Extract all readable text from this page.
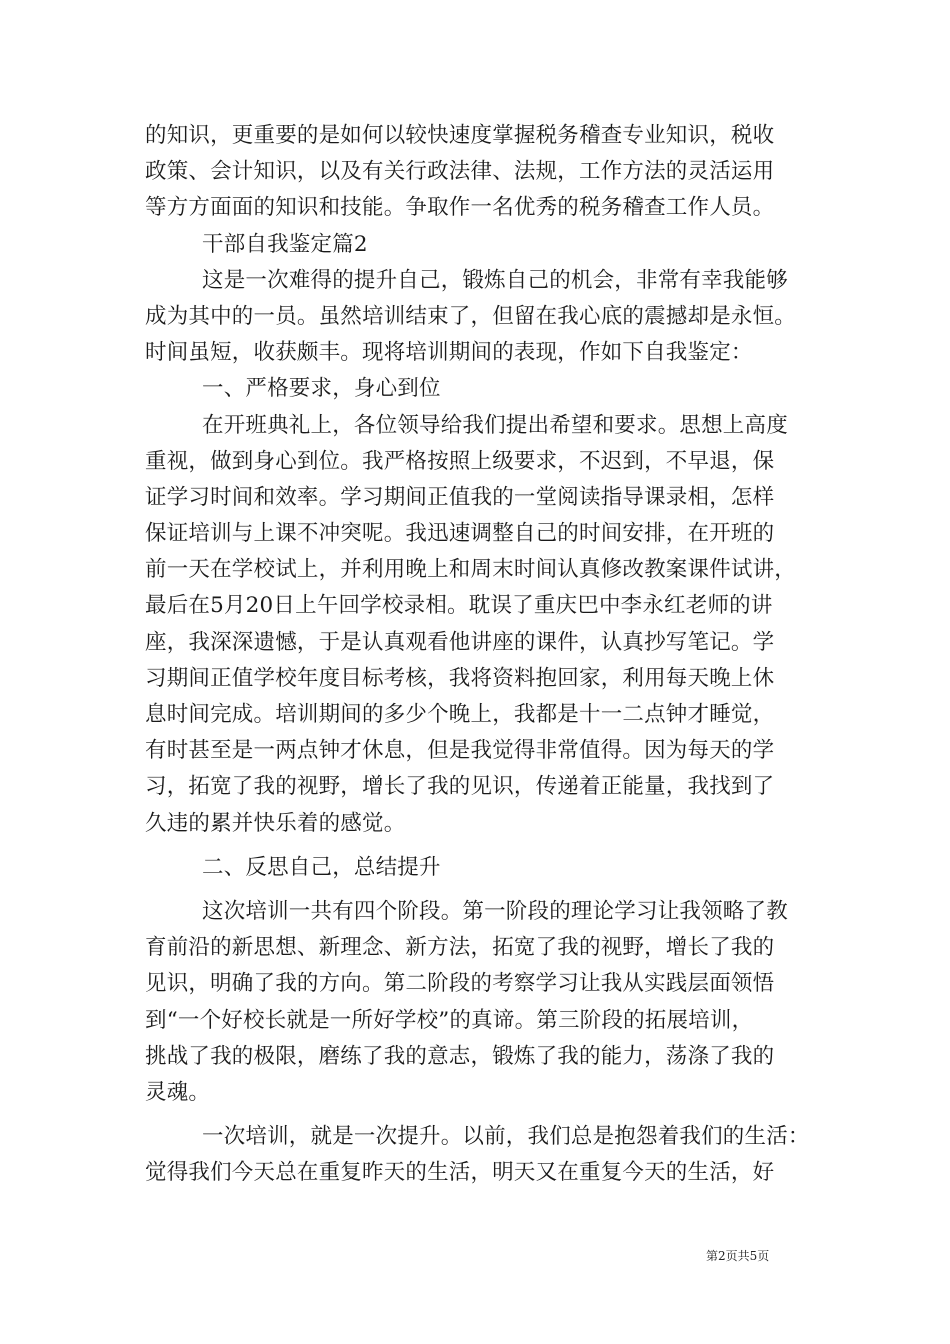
的知识，更重要的是如何以较快速度掌握税务稽查专业知识，税收
政策、会计知识，以及有关行政法律、法规，工作方法的灵活运用
等方方面面的知识和技能。争取作一名优秀的税务稽查工作人员。
干部自我鉴定篇2
这是一次难得的提升自己，锻炼自己的机会，非常有幸我能够
成为其中的一员。虽然培训结束了，但留在我心底的震撼却是永恒。
时间虽短，收获颇丰。现将培训期间的表现，作如下自我鉴定：
一、严格要求，身心到位
在开班典礼上，各位领导给我们提出希望和要求。思想上高度
重视，做到身心到位。我严格按照上级要求，不迟到，不早退，保
证学习时间和效率。学习期间正值我的一堂阅读指导课录相，怎样
保证培训与上课不冲突呢。我迅速调整自己的时间安排，在开班的
前一天在学校试上，并利用晚上和周末时间认真修改教案课件试讲，
最后在5月20日上午回学校录相。耽误了重庆巴中李永红老师的讲
座，我深深遗憾，于是认真观看他讲座的课件，认真抄写笔记。学
习期间正值学校年度目标考核，我将资料抱回家，利用每天晚上休
息时间完成。培训期间的多少个晚上，我都是十一二点钟才睡觉，
有时甚至是一两点钟才休息，但是我觉得非常值得。因为每天的学
习，拓宽了我的视野，增长了我的见识，传递着正能量，我找到了
久违的累并快乐着的感觉。
二、反思自己，总结提升
这次培训一共有四个阶段。第一阶段的理论学习让我领略了教
育前沿的新思想、新理念、新方法，拓宽了我的视野，增长了我的
见识，明确了我的方向。第二阶段的考察学习让我从实践层面领悟
到“一个好校长就是一所好学校”的真谛。第三阶段的拓展培训，
挑战了我的极限，磨练了我的意志，锻炼了我的能力，荡涤了我的
灵魂。
一次培训，就是一次提升。以前，我们总是抱怨着我们的生活：
觉得我们今天总在重复昨天的生活，明天又在重复今天的生活，好
第2页共5页
